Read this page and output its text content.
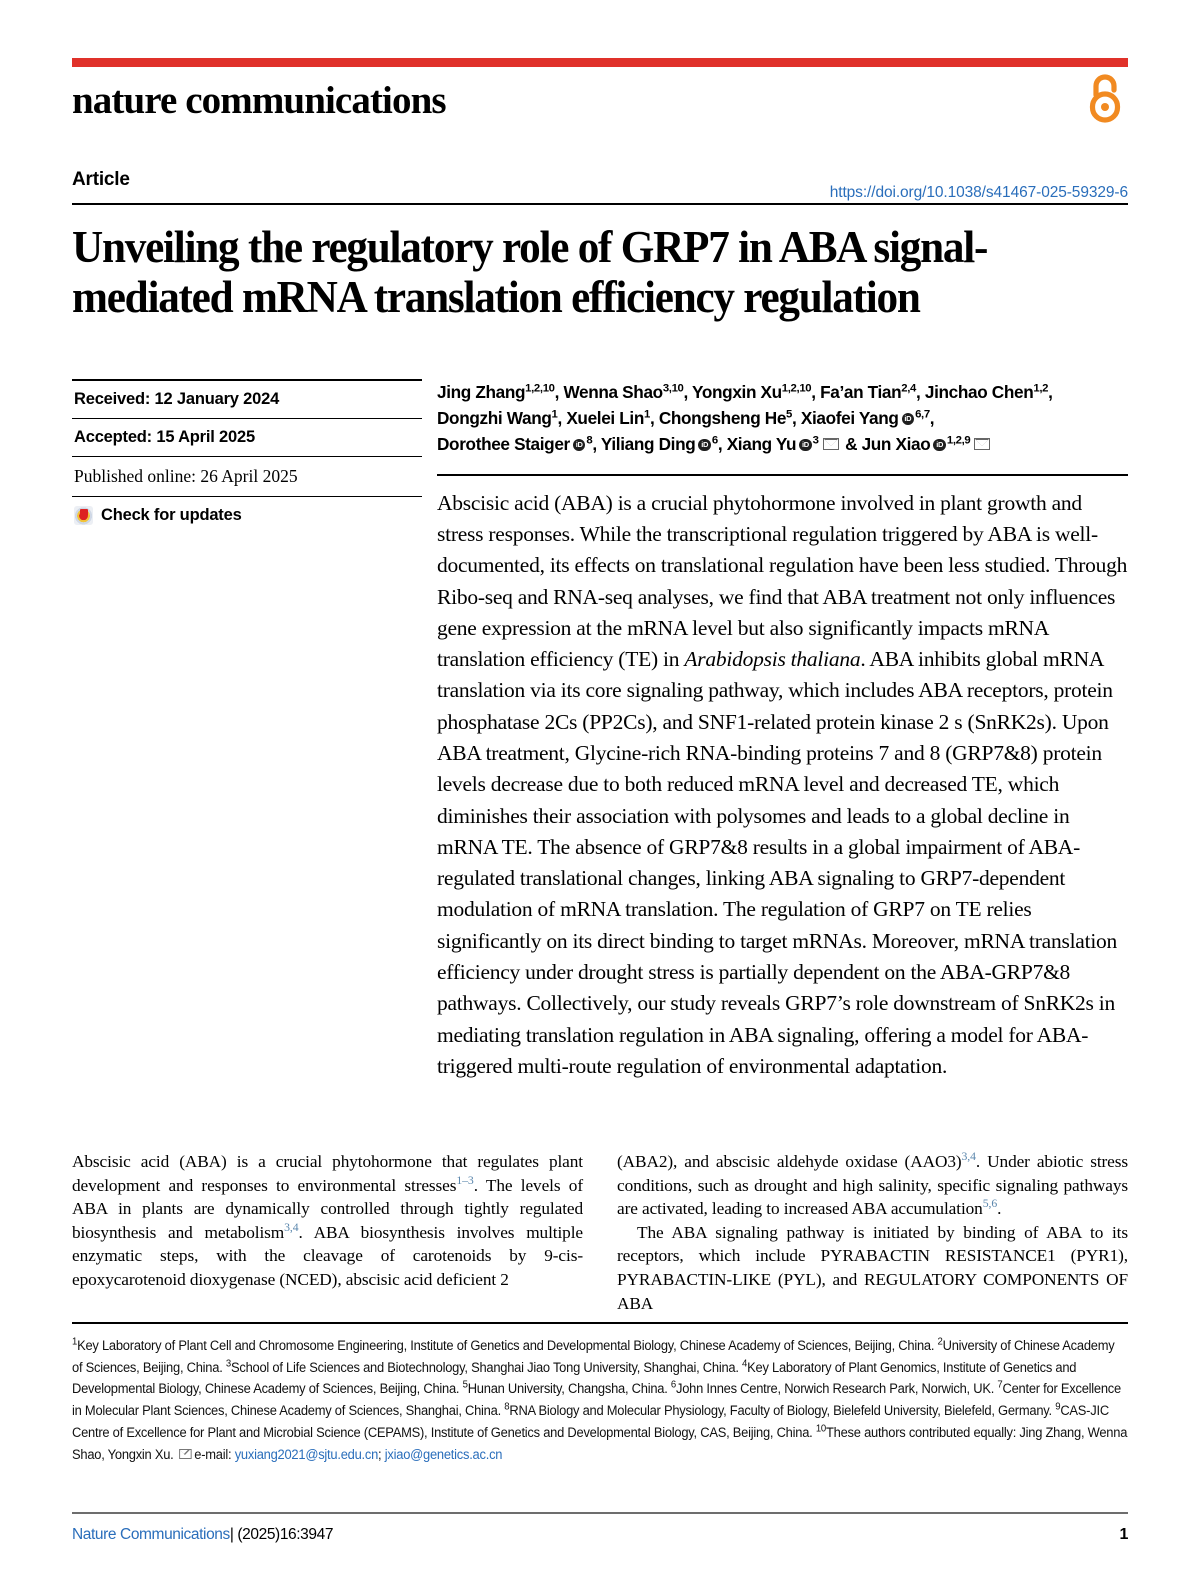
nature communications
Article
https://doi.org/10.1038/s41467-025-59329-6
Unveiling the regulatory role of GRP7 in ABA signal-mediated mRNA translation efficiency regulation
Received: 12 January 2024
Accepted: 15 April 2025
Published online: 26 April 2025
Check for updates
Jing Zhang$^{1,2,10}$, Wenna Shao$^{3,10}$, Yongxin Xu$^{1,2,10}$, Fa’an Tian$^{2,4}$, Jinchao Chen$^{1,2}$,
Dongzhi Wang$^1$, Xuelei Lin$^1$, Chongsheng He$^5$, Xiaofei Yang iD $^{6,7}$,
Dorothee Staiger iD $^8$, Yiliang Ding iD $^6$, Xiang Yu iD $^3$ & Jun Xiao iD $^{1,2,9}$

Abscisic acid (ABA) is a crucial phytohormone involved in plant growth and stress responses. While the transcriptional regulation triggered by ABA is well-documented, its effects on translational regulation have been less studied. Through Ribo-seq and RNA-seq analyses, we find that ABA treatment not only influences gene expression at the mRNA level but also significantly impacts mRNA translation efficiency (TE) in Arabidopsis thaliana. ABA inhibits global mRNA translation via its core signaling pathway, which includes ABA receptors, protein phosphatase 2Cs (PP2Cs), and SNF1-related protein kinase 2 s (SnRK2s). Upon ABA treatment, Glycine-rich RNA-binding proteins 7 and 8 (GRP7&8) protein levels decrease due to both reduced mRNA level and decreased TE, which diminishes their association with polysomes and leads to a global decline in mRNA TE. The absence of GRP7&8 results in a global impairment of ABA-regulated translational changes, linking ABA signaling to GRP7-dependent modulation of mRNA translation. The regulation of GRP7 on TE relies significantly on its direct binding to target mRNAs. Moreover, mRNA translation efficiency under drought stress is partially dependent on the ABA-GRP7&8 pathways. Collectively, our study reveals GRP7’s role downstream of SnRK2s in mediating translation regulation in ABA signaling, offering a model for ABA-triggered multi-route regulation of environmental adaptation.

Abscisic acid (ABA) is a crucial phytohormone that regulates plant development and responses to environmental stresses$^{1-3}$. The levels of ABA in plants are dynamically controlled through tightly regulated biosynthesis and metabolism$^{3,4}$. ABA biosynthesis involves multiple enzymatic steps, with the cleavage of carotenoids by 9-cis-epoxycarotenoid dioxygenase (NCED), abscisic acid deficient 2

(ABA2), and abscisic aldehyde oxidase (AAO3)$^{3,4}$. Under abiotic stress conditions, such as drought and high salinity, specific signaling pathways are activated, leading to increased ABA accumulation$^{5,6}$.

The ABA signaling pathway is initiated by binding of ABA to its receptors, which include PYRABACTIN RESISTANCE1 (PYR1), PYRABACTIN-LIKE (PYL), and REGULATORY COMPONENTS OF ABA

$^1$Key Laboratory of Plant Cell and Chromosome Engineering, Institute of Genetics and Developmental Biology, Chinese Academy of Sciences, Beijing, China. $^2$University of Chinese Academy of Sciences, Beijing, China. $^3$School of Life Sciences and Biotechnology, Shanghai Jiao Tong University, Shanghai, China. $^4$Key Laboratory of Plant Genomics, Institute of Genetics and Developmental Biology, Chinese Academy of Sciences, Beijing, China. $^5$Hunan University, Changsha, China. $^6$John Innes Centre, Norwich Research Park, Norwich, UK. $^7$Center for Excellence in Molecular Plant Sciences, Chinese Academy of Sciences, Shanghai, China. $^8$RNA Biology and Molecular Physiology, Faculty of Biology, Bielefeld University, Bielefeld, Germany. $^9$CAS-JIC Centre of Excellence for Plant and Microbial Science (CEPAMS), Institute of Genetics and Developmental Biology, CAS, Beijing, China. $^{10}$These authors contributed equally: Jing Zhang, Wenna Shao, Yongxin Xu. e-mail: yuxiang2021@sjtu.edu.cn; jxiao@genetics.ac.cn
Nature Communications| (2025)16:3947	1
